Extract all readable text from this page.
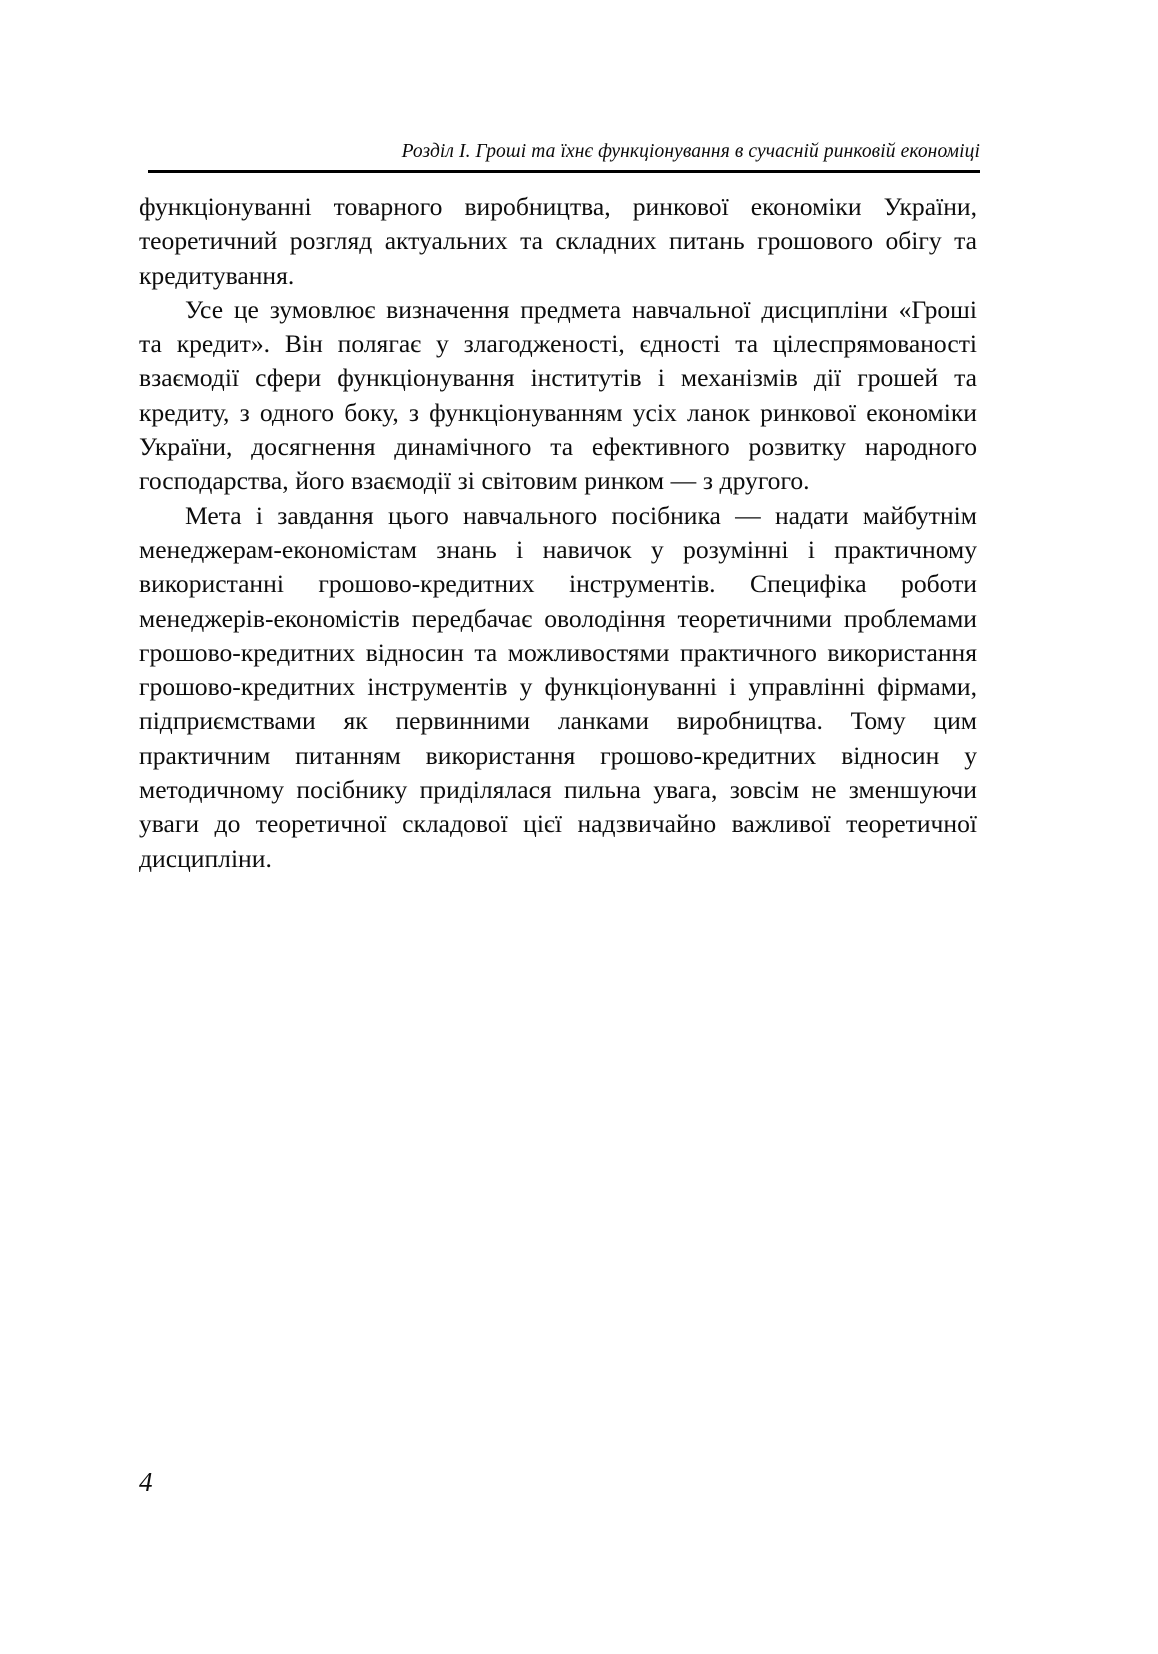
Розділ І. Гроші та їхнє функціонування в сучасній ринковій економіці

функціонуванні товарного виробництва, ринкової економіки України, теоретичний розгляд актуальних та складних питань грошового обігу та кредитування.

Усе це зумовлює визначення предмета навчальної дисципліни «Гроші та кредит». Він полягає у злагодженості, єдності та цілеспрямованості взаємодії сфери функціонування інститутів і механізмів дії грошей та кредиту, з одного боку, з функціонуванням усіх ланок ринкової економіки України, досягнення динамічного та ефективного розвитку народного господарства, його взаємодії зі світовим ринком — з другого.

Мета і завдання цього навчального посібника — надати майбутнім менеджерам-економістам знань і навичок у розумінні і практичному використанні грошово-кредитних інструментів. Специфіка роботи менеджерів-економістів передбачає оволодіння теоретичними проблемами грошово-кредитних відносин та можливостями практичного використання грошово-кредитних інструментів у функціонуванні і управлінні фірмами, підприємствами як первинними ланками виробництва. Тому цим практичним питанням використання грошово-кредитних відносин у методичному посібнику приділялася пильна увага, зовсім не зменшуючи уваги до теоретичної складової цієї надзвичайно важливої теоретичної дисципліни.

4
